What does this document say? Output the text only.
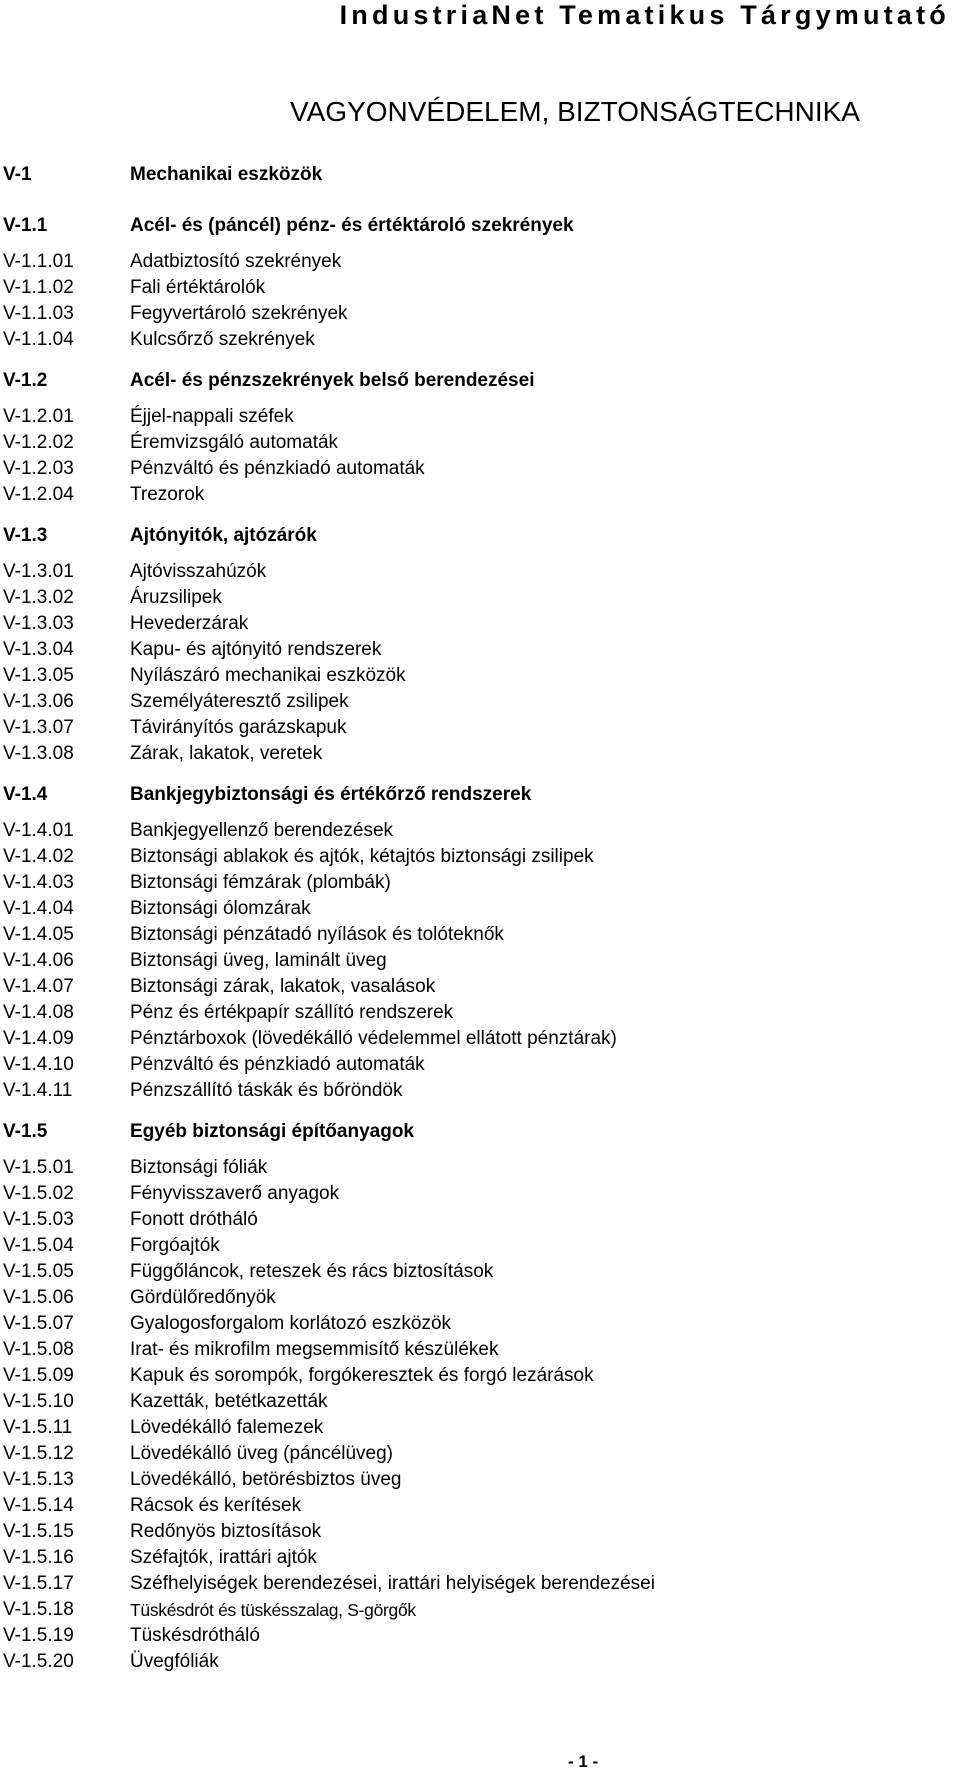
IndustriaNet Tematikus Tárgymutató
VAGYONVÉDELEM, BIZTONSÁGTECHNIKA
V-1	Mechanikai eszközök
V-1.1	Acél- és (páncél) pénz- és értéktároló szekrények
V-1.1.01	Adatbiztosító szekrények
V-1.1.02	Fali értéktárolók
V-1.1.03	Fegyvertároló szekrények
V-1.1.04	Kulcsőrző szekrények
V-1.2	Acél- és pénzszekrények belső berendezései
V-1.2.01	Éjjel-nappali széfek
V-1.2.02	Éremvizsgáló automaták
V-1.2.03	Pénzváltó és pénzkiadó automaták
V-1.2.04	Trezorok
V-1.3	Ajtónyitók, ajtózárók
V-1.3.01	Ajtóvisszahúzók
V-1.3.02	Áruzsilipek
V-1.3.03	Hevederzárak
V-1.3.04	Kapu- és ajtónyitó rendszerek
V-1.3.05	Nyílászáró mechanikai eszközök
V-1.3.06	Személyáteresztő zsilipek
V-1.3.07	Távirányítós garázskapuk
V-1.3.08	Zárak, lakatok, veretek
V-1.4	Bankjegybiztonsági és értékőrző rendszerek
V-1.4.01	Bankjegyellenző berendezések
V-1.4.02	Biztonsági ablakok és ajtók, kétajtós biztonsági zsilipek
V-1.4.03	Biztonsági fémzárak (plombák)
V-1.4.04	Biztonsági ólomzárak
V-1.4.05	Biztonsági pénzátadó nyílások és tolóteknők
V-1.4.06	Biztonsági üveg, laminált üveg
V-1.4.07	Biztonsági zárak, lakatok, vasalások
V-1.4.08	Pénz és értékpapír szállító rendszerek
V-1.4.09	Pénztárboxok (lövedékálló védelemmel ellátott pénztárak)
V-1.4.10	Pénzváltó és pénzkiadó automaták
V-1.4.11	Pénzszállító táskák és bőröndök
V-1.5	Egyéb biztonsági építőanyagok
V-1.5.01	Biztonsági fóliák
V-1.5.02	Fényvisszaverő anyagok
V-1.5.03	Fonott drótháló
V-1.5.04	Forgóajtók
V-1.5.05	Függőláncok, reteszek és rács biztosítások
V-1.5.06	Gördülőredőnyök
V-1.5.07	Gyalogosforgalom korlátozó eszközök
V-1.5.08	Irat- és mikrofilm megsemmisítő készülékek
V-1.5.09	Kapuk és sorompók, forgókeresztek és forgó lezárások
V-1.5.10	Kazetták, betétkazetták
V-1.5.11	Lövedékálló falemezek
V-1.5.12	Lövedékálló üveg (páncélüveg)
V-1.5.13	Lövedékálló, betörésbiztos üveg
V-1.5.14	Rácsok és kerítések
V-1.5.15	Redőnyös biztosítások
V-1.5.16	Széfajtók, irattári ajtók
V-1.5.17	Széfhelyiségek berendezései, irattári helyiségek berendezései
V-1.5.18	Tüskésdrót és tüskésszalag, S-görgők
V-1.5.19	Tüskésdrótháló
V-1.5.20	Üvegfóliák
- 1 -
